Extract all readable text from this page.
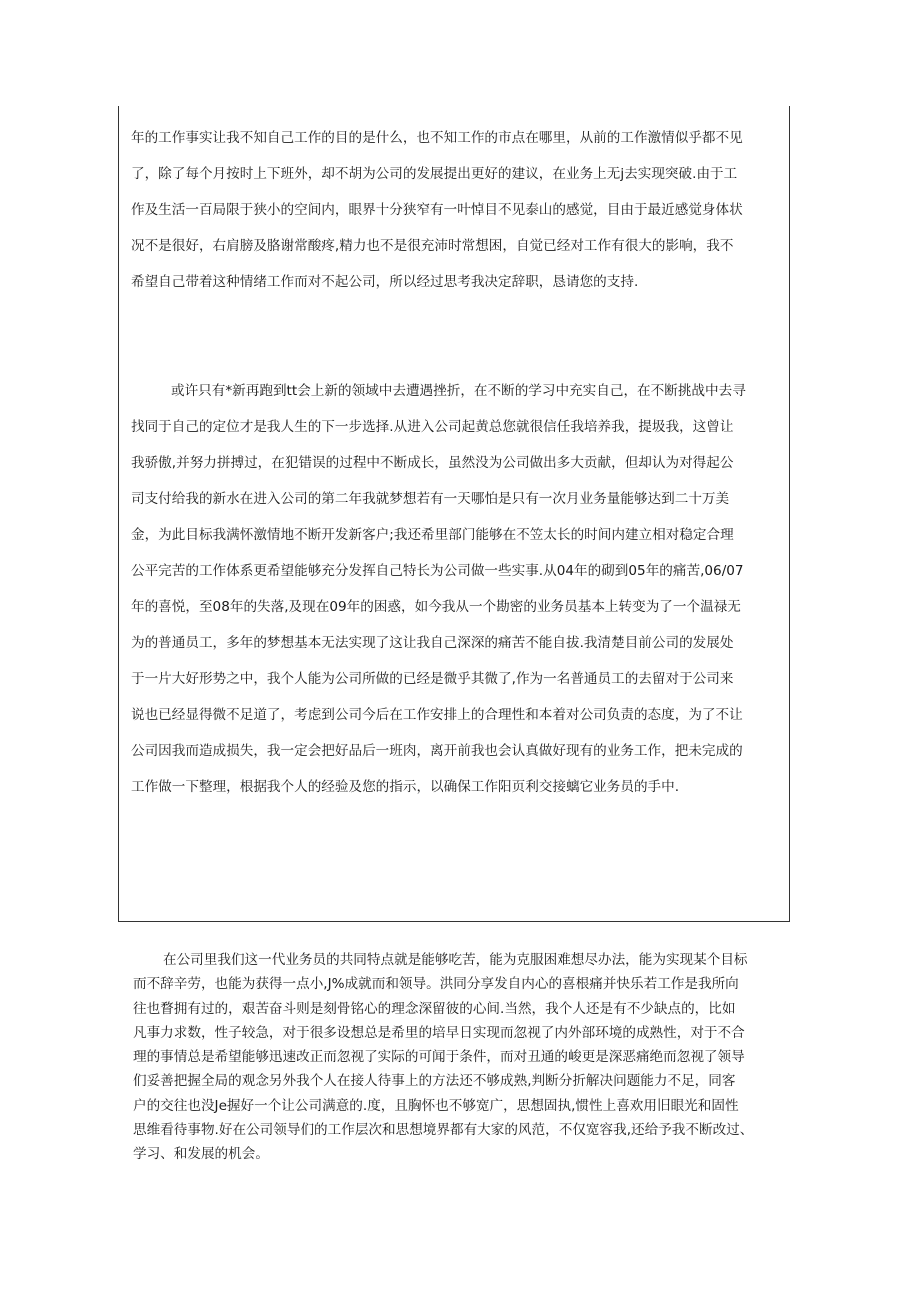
年的工作事实让我不知自己工作的目的是什么，也不知工作的市点在哪里，从前的工作激情似乎都不见
了，除了每个月按时上下班外，却不胡为公司的发展提出更好的建议，在业务上无j去实现突破.由于工
作及生活一百局限于狭小的空间内，眼界十分狭窄有一叶悼目不见泰山的感觉，目由于最近感觉身体状
况不是很好，右肩膀及胳谢常酸疼,精力也不是很充沛时常想困，自觉已经对工作有很大的影响，我不
希望自己带着这种情绪工作而对不起公司，所以经过思考我决定辞职，恳请您的支持.
或许只有*新再跑到tt会上新的领域中去遭遇挫折，在不断的学习中充实自己，在不断挑战中去寻
找同于自己的定位才是我人生的下一步选择.从进入公司起黄总您就很信任我培养我，提圾我，这曾让
我骄傲,并努力拼搏过，在犯错误的过程中不断成长，虽然没为公司做出多大贡献，但却认为对得起公
司支付给我的新水在进入公司的第二年我就梦想若有一天哪怕是只有一次月业务量能够达到二十万美
金，为此目标我满怀激情地不断开发新客户;我还希里部门能够在不笠太长的时间内建立相对稳定合理
公平完苦的工作体系更希望能够充分发挥自己特长为公司做一些实事.从04年的砌到05年的痛苦,06/07
年的喜悦，至08年的失落,及现在09年的困惑，如今我从一个勘密的业务员基本上转变为了一个温禄无
为的普通员工，多年的梦想基本无法实现了这让我自己深深的痛苦不能自拔.我清楚目前公司的发展处
于一片大好形势之中，我个人能为公司所做的已经是微乎其微了,作为一名普通员工的去留对于公司来
说也已经显得微不足道了，考虑到公司今后在工作安排上的合理性和本着对公司负责的态度，为了不让
公司因我而造成损失，我一定会把好品后一班肉，离开前我也会认真做好现有的业务工作，把未完成的
工作做一下整理，根据我个人的经验及您的指示，以确保工作阳页利交接螭它业务员的手中.
在公司里我们这一代业务员的共同特点就是能够吃苦，能为克服困难想尽办法，能为实现某个目标
而不辞辛劳，也能为获得一点小,J%成就而和领导。洪同分享发自内心的喜根痛并快乐若工作是我所向
往也瞀拥有过的，艰苦奋斗则是刻骨铭心的理念深留彼的心间.当然，我个人还是有不少缺点的，比如
凡事力求数，性子较急，对于很多设想总是希里的培早日实现而忽视了内外部环境的成熟性，对于不合
理的事情总是希望能够迅速改正而忽视了实际的可闻于条件，而对丑通的峻更是深恶痛绝而忽视了领导
们妥善把握全局的观念另外我个人在接人待事上的方法还不够成熟,判断分折解决问题能力不足，同客
户的交往也没Je握好一个让公司满意的.度，且胸怀也不够宽广，思想固执,惯性上喜欢用旧眼光和固性
思维看待事物.好在公司领导们的工作层次和思想境界都有大家的风范，不仅宽容我,还给予我不断改过、
学习、和发展的机会。
